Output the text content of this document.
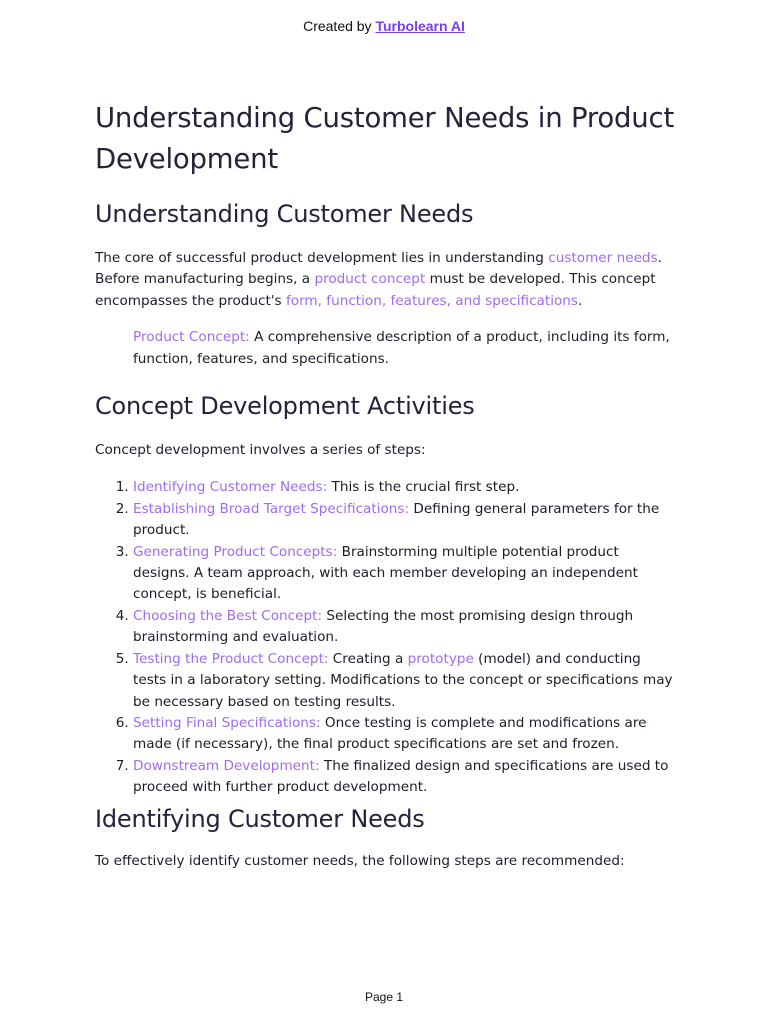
Created by Turbolearn AI
Understanding Customer Needs in Product Development
Understanding Customer Needs

The core of successful product development lies in understanding customer needs. Before manufacturing begins, a product concept must be developed. This concept encompasses the product's form, function, features, and specifications.

Product Concept: A comprehensive description of a product, including its form, function, features, and specifications.
Concept Development Activities

Concept development involves a series of steps:

1. Identifying Customer Needs: This is the crucial first step.
2. Establishing Broad Target Specifications: Defining general parameters for the product.
3. Generating Product Concepts: Brainstorming multiple potential product designs. A team approach, with each member developing an independent concept, is beneficial.
4. Choosing the Best Concept: Selecting the most promising design through brainstorming and evaluation.
5. Testing the Product Concept: Creating a prototype (model) and conducting tests in a laboratory setting. Modifications to the concept or specifications may be necessary based on testing results.
6. Setting Final Specifications: Once testing is complete and modifications are made (if necessary), the final product specifications are set and frozen.
7. Downstream Development: The finalized design and specifications are used to proceed with further product development.
Identifying Customer Needs

To effectively identify customer needs, the following steps are recommended:

Page 1
